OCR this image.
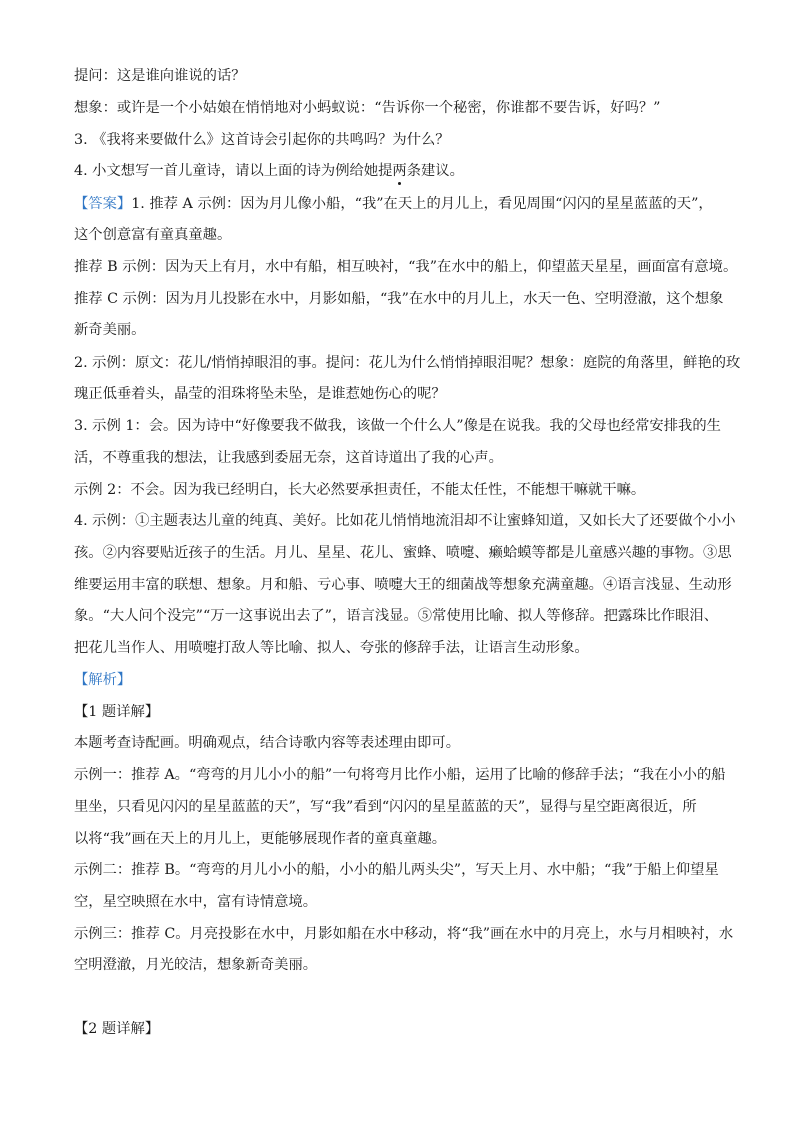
提问：这是谁向谁说的话？
想象：或许是一个小姑娘在悄悄地对小蚂蚁说：“告诉你一个秘密，你谁都不要告诉，好吗？”
3. 《我将来要做什么》这首诗会引起你的共鸣吗？为什么？
4. 小文想写一首儿童诗，请以上面的诗为例给她提两条建议。
【答案】1. 推荐 A 示例：因为月儿像小船，“我”在天上的月儿上，看见周围“闪闪的星星蓝蓝的天”，
这个创意富有童真童趣。
推荐 B 示例：因为天上有月，水中有船，相互映衬，“我”在水中的船上，仰望蓝天星星，画面富有意境。
推荐 C 示例：因为月儿投影在水中，月影如船，“我”在水中的月儿上，水天一色、空明澄澈，这个想象
新奇美丽。
2. 示例：原文：花儿/悄悄掉眼泪的事。提问：花儿为什么悄悄掉眼泪呢？想象：庭院的角落里，鲜艳的玫
瑰正低垂着头，晶莹的泪珠将坠未坠，是谁惹她伤心的呢？
3. 示例 1：会。因为诗中“好像要我不做我，该做一个什么人”像是在说我。我的父母也经常安排我的生
活，不尊重我的想法，让我感到委屈无奈，这首诗道出了我的心声。
示例 2：不会。因为我已经明白，长大必然要承担责任，不能太任性，不能想干嘛就干嘛。
4. 示例：①主题表达儿童的纯真、美好。比如花儿悄悄地流泪却不让蜜蜂知道，又如长大了还要做个小小
孩。②内容要贴近孩子的生活。月儿、星星、花儿、蜜蜂、喷嚏、癞蛤蟆等都是儿童感兴趣的事物。③思
维要运用丰富的联想、想象。月和船、亏心事、喷嚏大王的细菌战等想象充满童趣。④语言浅显、生动形
象。“大人问个没完”“万一这事说出去了”，语言浅显。⑤常使用比喻、拟人等修辞。把露珠比作眼泪、
把花儿当作人、用喷嚏打敌人等比喻、拟人、夸张的修辞手法，让语言生动形象。
【解析】
【1 题详解】
本题考查诗配画。明确观点，结合诗歌内容等表述理由即可。
示例一：推荐 A。“弯弯的月儿小小的船”一句将弯月比作小船，运用了比喻的修辞手法；“我在小小的船
里坐，只看见闪闪的星星蓝蓝的天”，写“我”看到“闪闪的星星蓝蓝的天”，显得与星空距离很近，所
以将“我”画在天上的月儿上，更能够展现作者的童真童趣。
示例二：推荐 B。“弯弯的月儿小小的船，小小的船儿两头尖”，写天上月、水中船；“我”于船上仰望星
空，星空映照在水中，富有诗情意境。
示例三：推荐 C。月亮投影在水中，月影如船在水中移动，将“我”画在水中的月亮上，水与月相映衬，水
空明澄澈，月光皎洁，想象新奇美丽。
【2 题详解】
